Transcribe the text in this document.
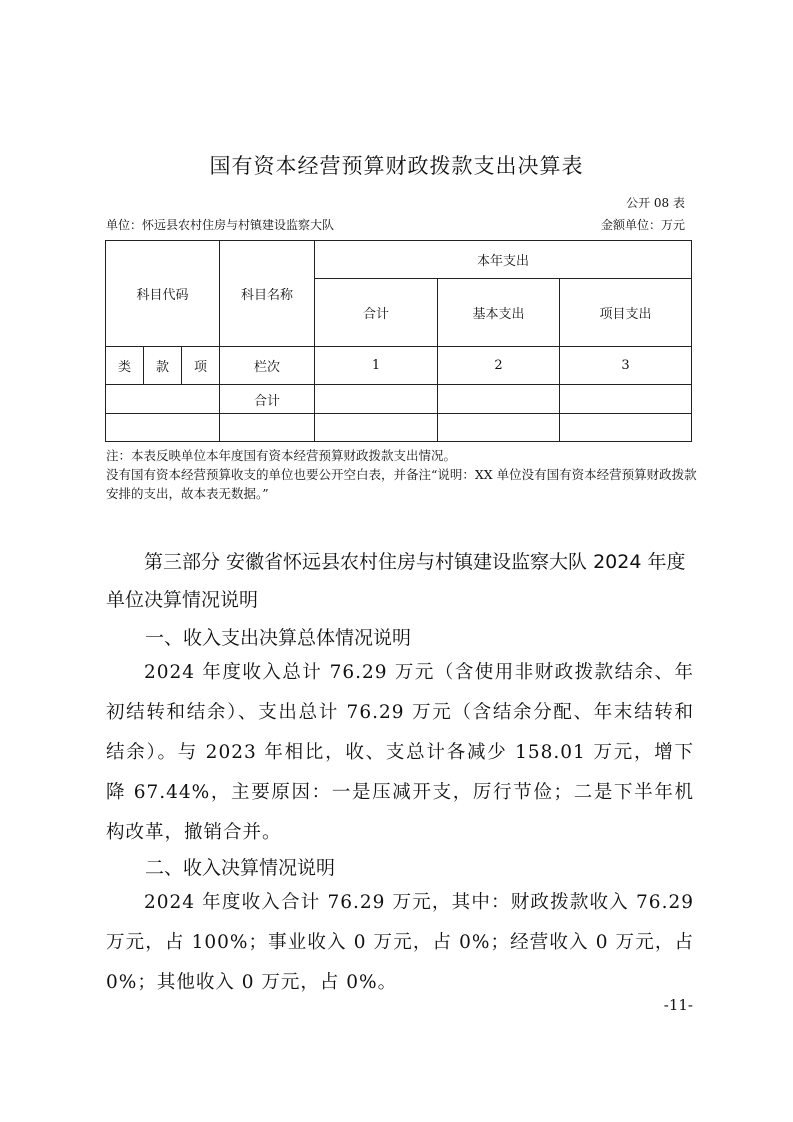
国有资本经营预算财政拨款支出决算表
公开 08 表
单位：怀远县农村住房与村镇建设监察大队	金额单位：万元
科目代码			科目名称	本年支出		
				合计	基本支出	项目支出
类	款	项	栏次	1	2	3
			合计			

注：本表反映单位本年度国有资本经营预算财政拨款支出情况。

没有国有资本经营预算收支的单位也要公开空白表，并备注“说明：XX 单位没有国有资本经营预算财政拨款安排的支出，故本表无数据。”

第三部分 安徽省怀远县农村住房与村镇建设监察大队 2024 年度单位决算情况说明
一、收入支出决算总体情况说明
2024 年度收入总计 76.29 万元（含使用非财政拨款结余、年初结转和结余）、支出总计 76.29 万元（含结余分配、年末结转和结余）。与 2023 年相比，收、支总计各减少 158.01 万元，增下降 67.44%，主要原因：一是压减开支，厉行节俭；二是下半年机构改革，撤销合并。
二、收入决算情况说明
2024 年度收入合计 76.29 万元，其中：财政拨款收入 76.29 万元，占 100%；事业收入 0 万元，占 0%；经营收入 0 万元，占 0%；其他收入 0 万元，占 0%。
-11-
